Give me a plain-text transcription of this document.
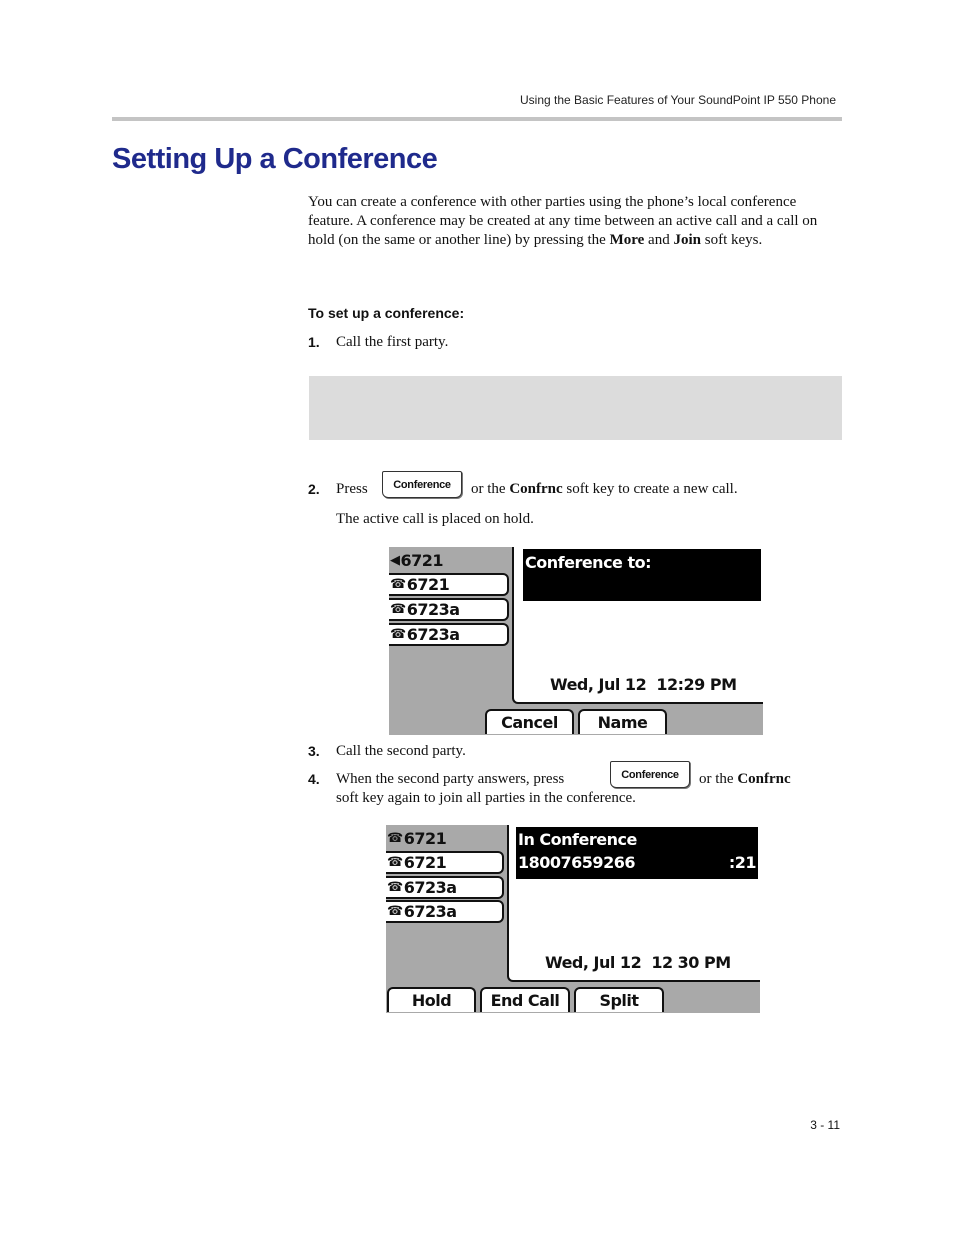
Using the Basic Features of Your SoundPoint IP 550 Phone
Setting Up a Conference

You can create a conference with other parties using the phone’s local conference feature. A conference may be created at any time between an active call and a call on hold (on the same or another line) by pressing the More and Join soft keys.

To set up a conference:
1. Call the first party.
2. Press	Conference	or the Confrnc soft key to create a new call.
The active call is placed on hold.
◀ 6721
☎ 6721
☎ 6723a
☎ 6723a
Conference to:
Wed, Jul 12  12:29 PM
Cancel	Name
3. Call the second party.
4. When the second party answers, press	Conference	or the Confrnc
soft key again to join all parties in the conference.
☎ 6721
☎ 6721
☎ 6723a
☎ 6723a
In Conference
18007659266	:21
Wed, Jul 12  12 30 PM
Hold	End Call	Split
3 - 11
